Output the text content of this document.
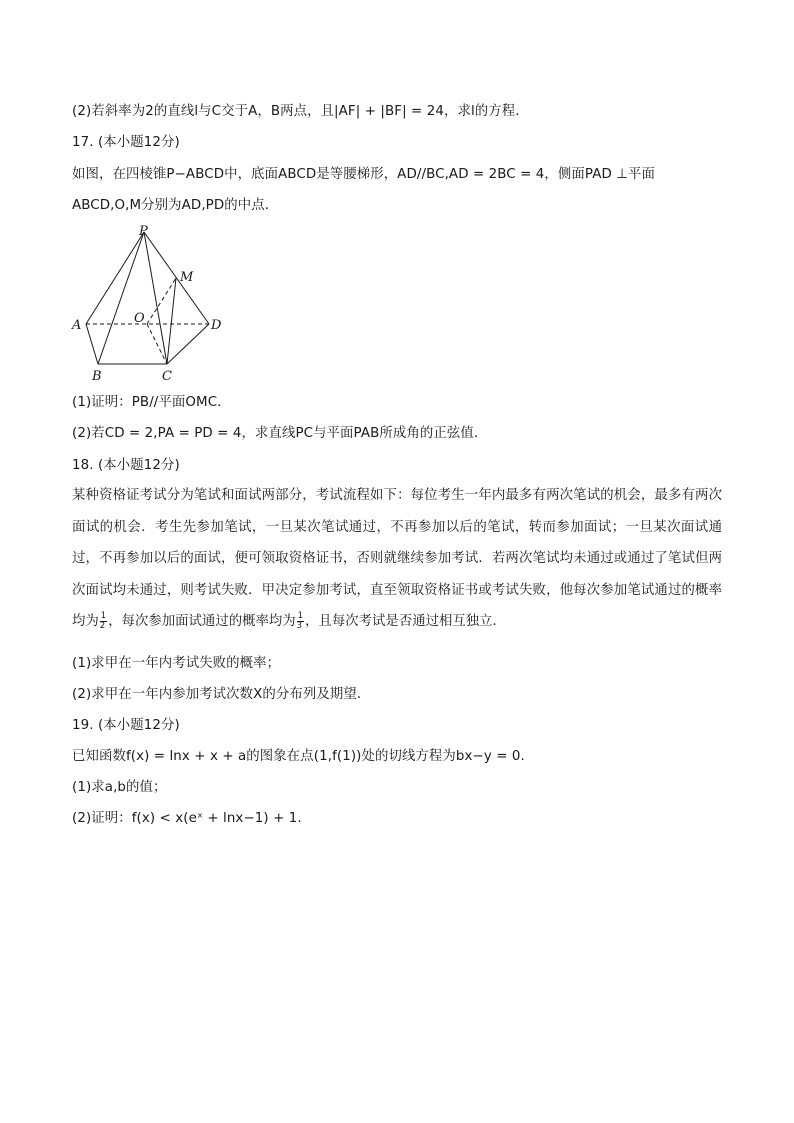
(2)若斜率为2的直线l与C交于A，B两点，且|AF| + |BF| = 24，求l的方程．
17. (本小题12分)
如图，在四棱锥P−ABCD中，底面ABCD是等腰梯形，AD//BC,AD = 2BC = 4，侧面PAD ⊥平面
ABCD,O,M分别为AD,PD的中点．
P
M
A	O	D
B	C
(1)证明：PB//平面OMC．
(2)若CD = 2,PA = PD = 4，求直线PC与平面PAB所成角的正弦值．
18. (本小题12分)
某种资格证考试分为笔试和面试两部分，考试流程如下：每位考生一年内最多有两次笔试的机会，最多有两次面试的机会．考生先参加笔试，一旦某次笔试通过，不再参加以后的笔试，转而参加面试；一旦某次面试通过，不再参加以后的面试，便可领取资格证书，否则就继续参加考试．若两次笔试均未通过或通过了笔试但两次面试均未通过，则考试失败．甲决定参加考试，直至领取资格证书或考试失败，他每次参加笔试通过的概率均为 $\frac{1}{2}$ ，每次参加面试通过的概率均为 $\frac{1}{3}$ ，且每次考试是否通过相互独立．
(1)求甲在一年内考试失败的概率；
(2)求甲在一年内参加考试次数X的分布列及期望．
19. (本小题12分)
已知函数f(x) = lnx + x + a的图象在点(1,f(1))处的切线方程为bx−y = 0.
(1)求a,b的值；
(2)证明：f(x) < x(eˣ + lnx−1) + 1.
